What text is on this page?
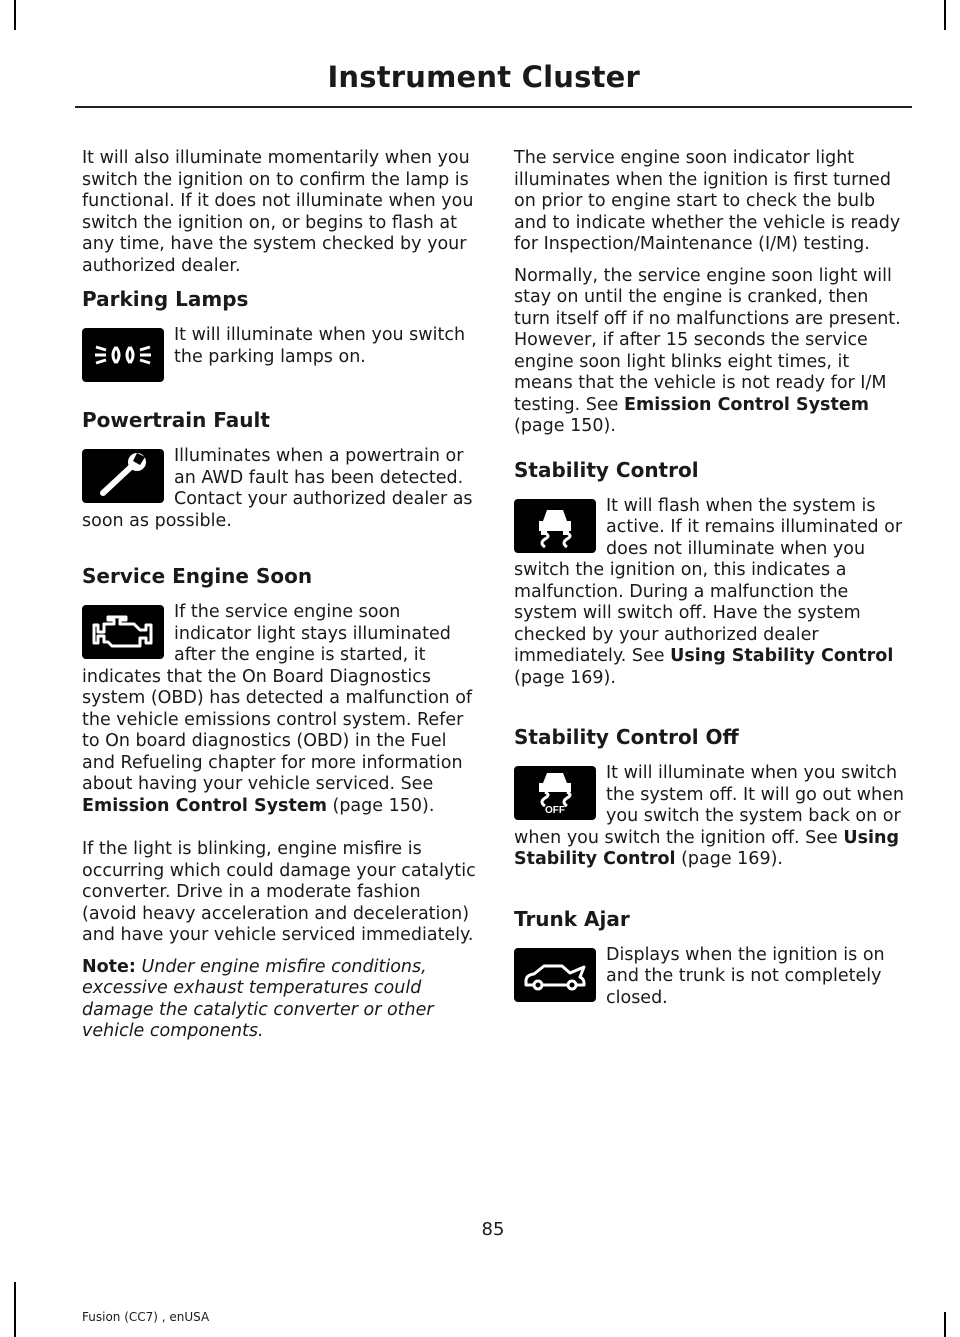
Instrument Cluster

It will also illuminate momentarily when you switch the ignition on to confirm the lamp is functional. If it does not illuminate when you switch the ignition on, or begins to flash at any time, have the system checked by your authorized dealer.

Parking Lamps

It will illuminate when you switch the parking lamps on.

Powertrain Fault

Illuminates when a powertrain or an AWD fault has been detected. Contact your authorized dealer as soon as possible.

Service Engine Soon

If the service engine soon indicator light stays illuminated after the engine is started, it indicates that the On Board Diagnostics system (OBD) has detected a malfunction of the vehicle emissions control system. Refer to On board diagnostics (OBD) in the Fuel and Refueling chapter for more information about having your vehicle serviced. See Emission Control System (page 150).

If the light is blinking, engine misfire is occurring which could damage your catalytic converter. Drive in a moderate fashion (avoid heavy acceleration and deceleration) and have your vehicle serviced immediately.

Note: Under engine misfire conditions, excessive exhaust temperatures could damage the catalytic converter or other vehicle components.

The service engine soon indicator light illuminates when the ignition is first turned on prior to engine start to check the bulb and to indicate whether the vehicle is ready for Inspection/Maintenance (I/M) testing.

Normally, the service engine soon light will stay on until the engine is cranked, then turn itself off if no malfunctions are present. However, if after 15 seconds the service engine soon light blinks eight times, it means that the vehicle is not ready for I/M testing. See Emission Control System (page 150).

Stability Control

It will flash when the system is active. If it remains illuminated or does not illuminate when you switch the ignition on, this indicates a malfunction. During a malfunction the system will switch off. Have the system checked by your authorized dealer immediately. See Using Stability Control (page 169).

Stability Control Off
OFF

It will illuminate when you switch the system off. It will go out when you switch the system back on or when you switch the ignition off. See Using Stability Control (page 169).

Trunk Ajar

Displays when the ignition is on and the trunk is not completely closed.

85
Fusion (CC7) , enUSA
